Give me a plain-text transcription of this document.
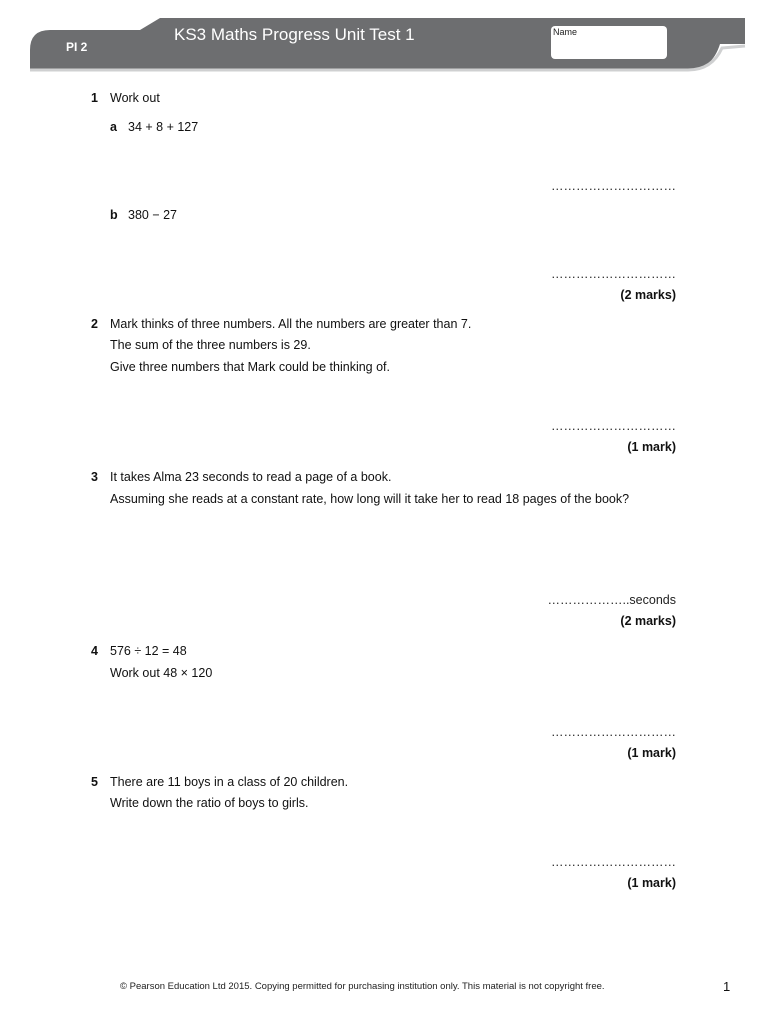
PI 2
KS3 Maths Progress Unit Test 1	Name
1 Work out
a 34 + 8 + 127
…………………………
b 380 − 27
…………………………
(2 marks)
2 Mark thinks of three numbers. All the numbers are greater than 7.
The sum of the three numbers is 29.
Give three numbers that Mark could be thinking of.
…………………………
(1 mark)
3 It takes Alma 23 seconds to read a page of a book.
Assuming she reads at a constant rate, how long will it take her to read 18 pages of the book?
………………..seconds
(2 marks)
4 576 ÷ 12 = 48
Work out 48 × 120
…………………………
(1 mark)
5 There are 11 boys in a class of 20 children.
Write down the ratio of boys to girls.
…………………………
(1 mark)
© Pearson Education Ltd 2015. Copying permitted for purchasing institution only. This material is not copyright free.	1
